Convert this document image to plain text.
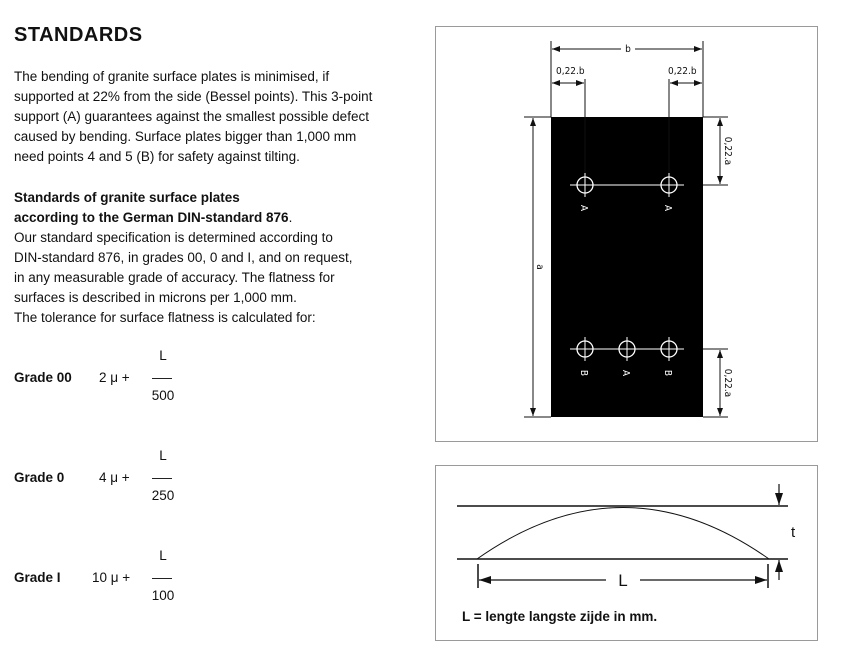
STANDARDS
The bending of granite surface plates is minimised, if
supported at 22% from the side (Bessel points). This 3-point
support (A) guarantees against the smallest possible defect
caused by bending. Surface plates bigger than 1,000 mm
need points 4 and 5 (B) for safety against tilting.
Standards of granite surface plates
according to the German DIN-standard 876.
Our standard specification is determined according to
DIN-standard 876, in grades 00, 0 and I, and on request,
in any measurable grade of accuracy. The flatness for
surfaces is described in microns per 1,000 mm.
The tolerance for surface flatness is calculated for:
Grade 00 2 μ +
L
500
Grade 0	4 μ +
L
250
Grade I 10 μ +
L
100
b
0,22.b	0,22.b
a
0,22.a
0,22.a
A	A
B	A	B
t
L
L = lengte langste zijde in mm.
